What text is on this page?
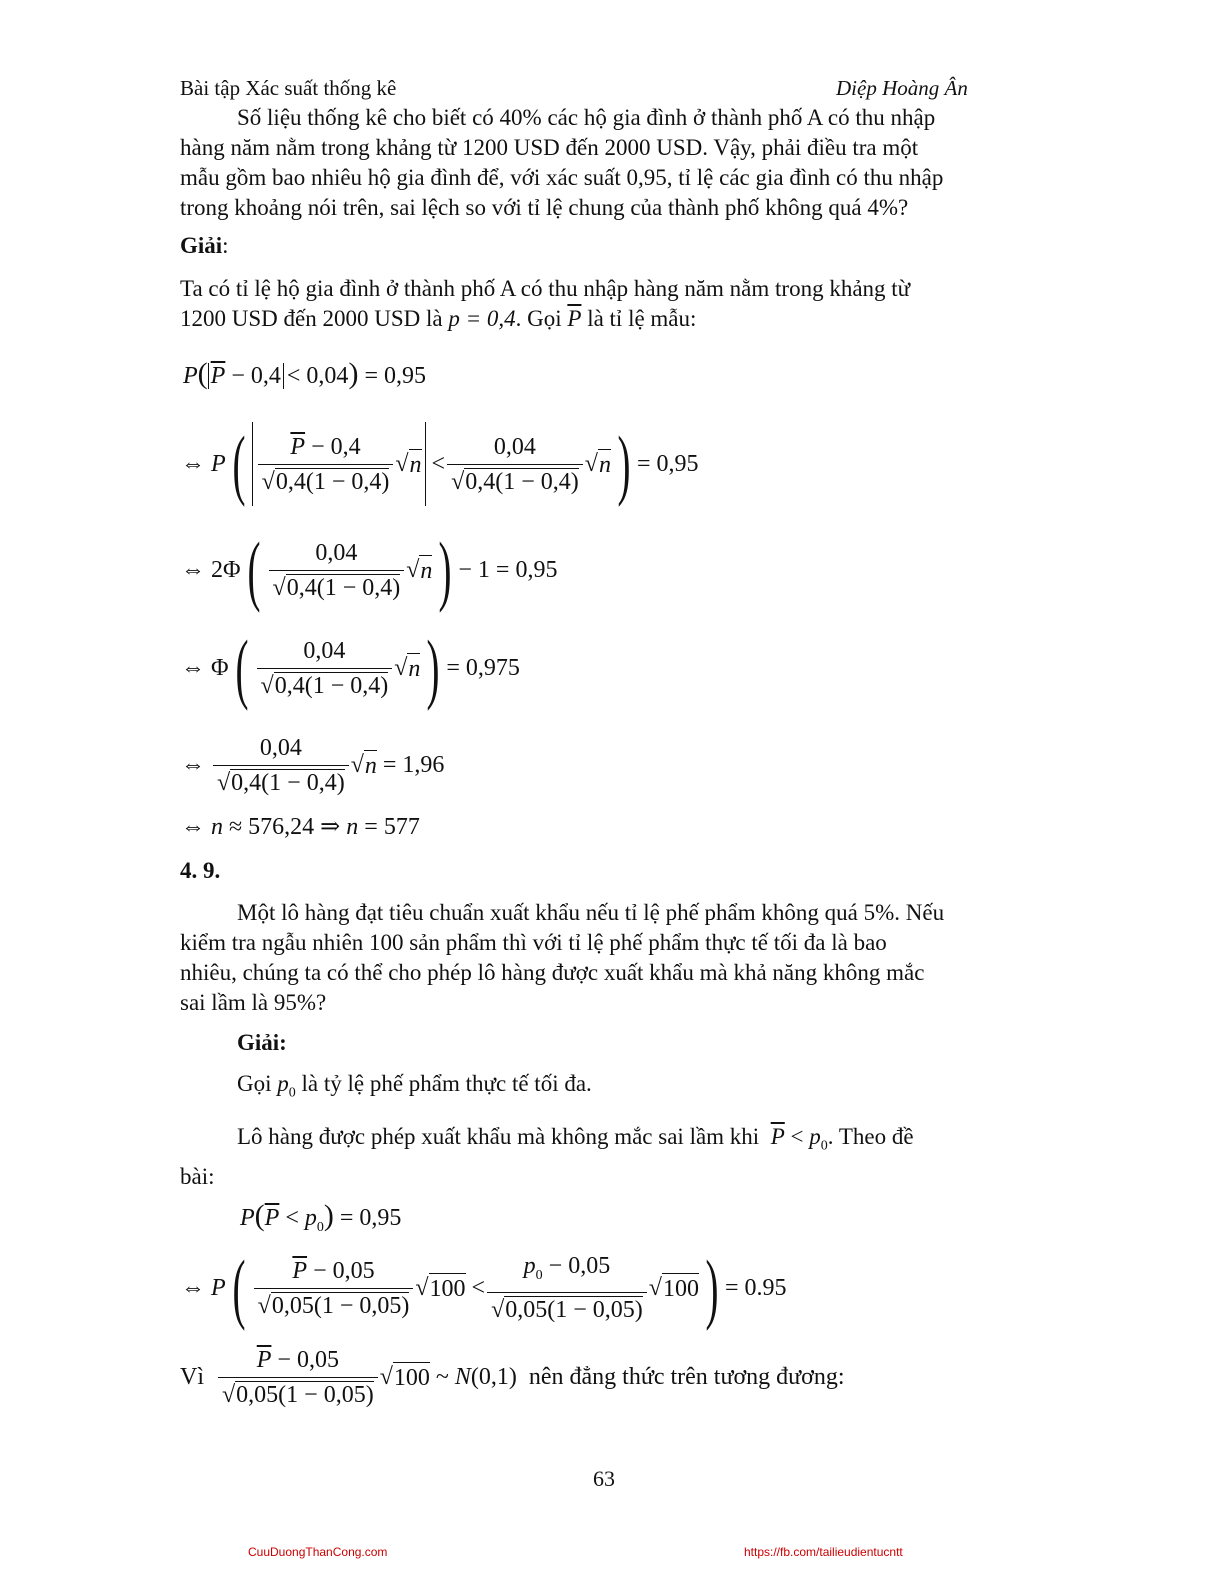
Bài tập Xác suất thống kê	Diệp Hoàng Ân
Số liệu thống kê cho biết có 40% các hộ gia đình ở thành phố A có thu nhập
hàng năm nằm trong khảng từ 1200 USD đến 2000 USD. Vậy, phải điều tra một
mẫu gồm bao nhiêu hộ gia đình để, với xác suất 0,95, tỉ lệ các gia đình có thu nhập
trong khoảng nói trên, sai lệch so với tỉ lệ chung của thành phố không quá 4%?
Giải:
Ta có tỉ lệ hộ gia đình ở thành phố A có thu nhập hàng năm nằm trong khảng từ
1200 USD đến 2000 USD là p = 0,4. Gọi $\overline{P}$ là tỉ lệ mẫu:
P( $\overline{P} - 0,4 < 0,04) = 0,95$
⇔
P ( $\frac{\overline{P} - 0,4}{√0,4(1 - 0,4)}$ √ n
< $\frac{0,04}{√0,4(1 - 0,4)}$ √ n ) = 0,95
⇔
2Φ ( $\frac{0,04}{√0,4(1 - 0,4)}$ √ n ) − 1 = 0,95
⇔
Φ ( $\frac{0,04}{√0,4(1 - 0,4)}$ √ n ) = 0,975
⇔
$\frac{0,04}{√0,4(1 - 0,4)}$ √ n
= 1,96
⇔ n ≈ 576,24 ⇒ n = 577
4. 9.
Một lô hàng đạt tiêu chuẩn xuất khẩu nếu tỉ lệ phế phẩm không quá 5%. Nếu
kiểm tra ngẫu nhiên 100 sản phẩm thì với tỉ lệ phế phẩm thực tế tối đa là bao
nhiêu, chúng ta có thể cho phép lô hàng được xuất khẩu mà khả năng không mắc
sai lầm là 95%?
Giải:
Gọi $p_0$ là tỷ lệ phế phẩm thực tế tối đa.
Lô hàng được phép xuất khẩu mà không mắc sai lầm khi $\overline{P} < p_0$. Theo đề
bài:
$P(\overline{P} < p_0) = 0,95$
⇔
P ( $\frac{\overline{P} - 0,05}{√0,05(1 - 0,05)}$ √ 100
< $\frac{p_0 - 0,05}{√0,05(1 - 0,05)}$ √ 100 ) = 0.95
Vì
$\frac{\overline{P} - 0,05}{√0,05(1 - 0,05)}$ √ 100
~
N (0,1)
nên đẳng thức trên tương đương:
63
CuuDuongThanCong.com	https://fb.com/tailieudientucntt
